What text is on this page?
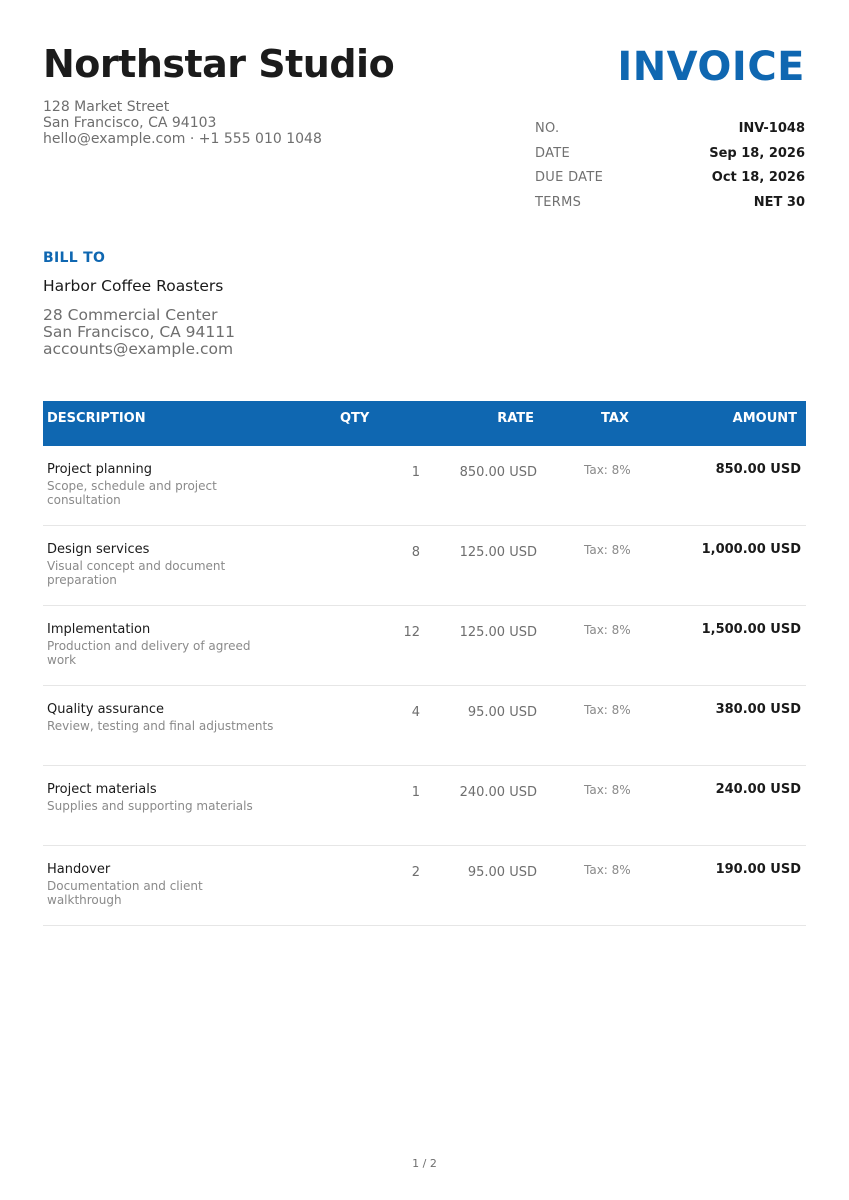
Northstar Studio
128 Market Street
San Francisco, CA 94103
hello@example.com · +1 555 010 1048
INVOICE
NO.	INV-1048
DATE	Sep 18, 2026
DUE DATE	Oct 18, 2026
TERMS	NET 30
BILL TO
Harbor Coffee Roasters
28 Commercial Center
San Francisco, CA 94111
accounts@example.com
DESCRIPTION	QTY	RATE	TAX	AMOUNT
Project planning
Scope, schedule and project consultation
1	850.00 USD	Tax: 8%	850.00 USD
Design services
Visual concept and document preparation
8	125.00 USD	Tax: 8%	1,000.00 USD
Implementation
Production and delivery of agreed work
12	125.00 USD	Tax: 8%	1,500.00 USD
Quality assurance
Review, testing and final adjustments
4	95.00 USD	Tax: 8%	380.00 USD
Project materials
Supplies and supporting materials
1	240.00 USD	Tax: 8%	240.00 USD
Handover
Documentation and client walkthrough
2	95.00 USD	Tax: 8%	190.00 USD
1 / 2
